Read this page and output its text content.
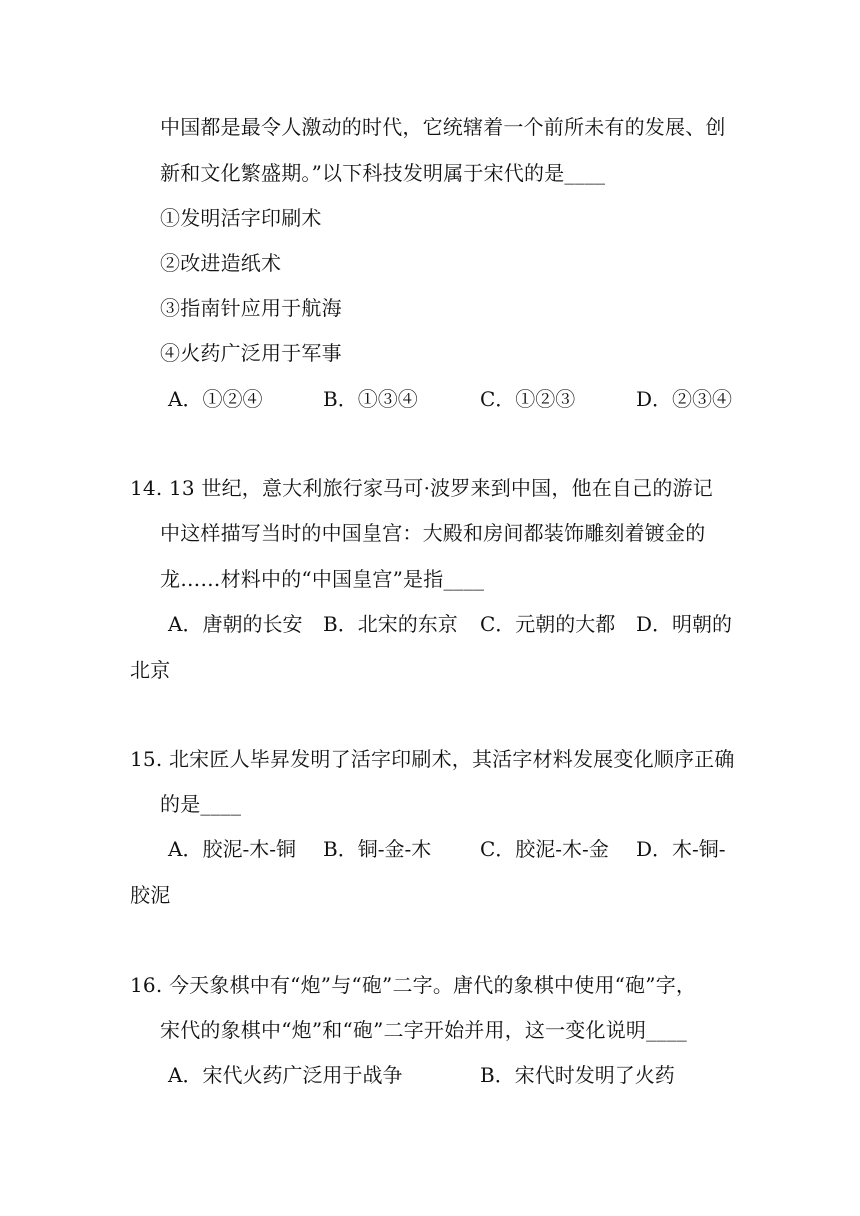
中国都是最令人激动的时代，它统辖着一个前所未有的发展、创
新和文化繁盛期。”以下科技发明属于宋代的是____
①发明活字印刷术
②改进造纸术
③指南针应用于航海
④火药广泛用于军事
A．①②④	B．①③④	C．①②③	D．②③④
14. 13 世纪，意大利旅行家马可·波罗来到中国，他在自己的游记
中这样描写当时的中国皇宫：大殿和房间都装饰雕刻着镀金的
龙……材料中的“中国皇宫”是指____
A．唐朝的长安 B．北宋的东京 C．元朝的大都 D．明朝的
北京
15. 北宋匠人毕昇发明了活字印刷术，其活字材料发展变化顺序正确
的是____
A．胶泥-木-铜 B．铜-金-木 C．胶泥-木-金 D．木-铜-
胶泥
16. 今天象棋中有“炮”与“砲”二字。唐代的象棋中使用“砲”字，
宋代的象棋中“炮”和“砲”二字开始并用，这一变化说明____
A．宋代火药广泛用于战争	B．宋代时发明了火药
